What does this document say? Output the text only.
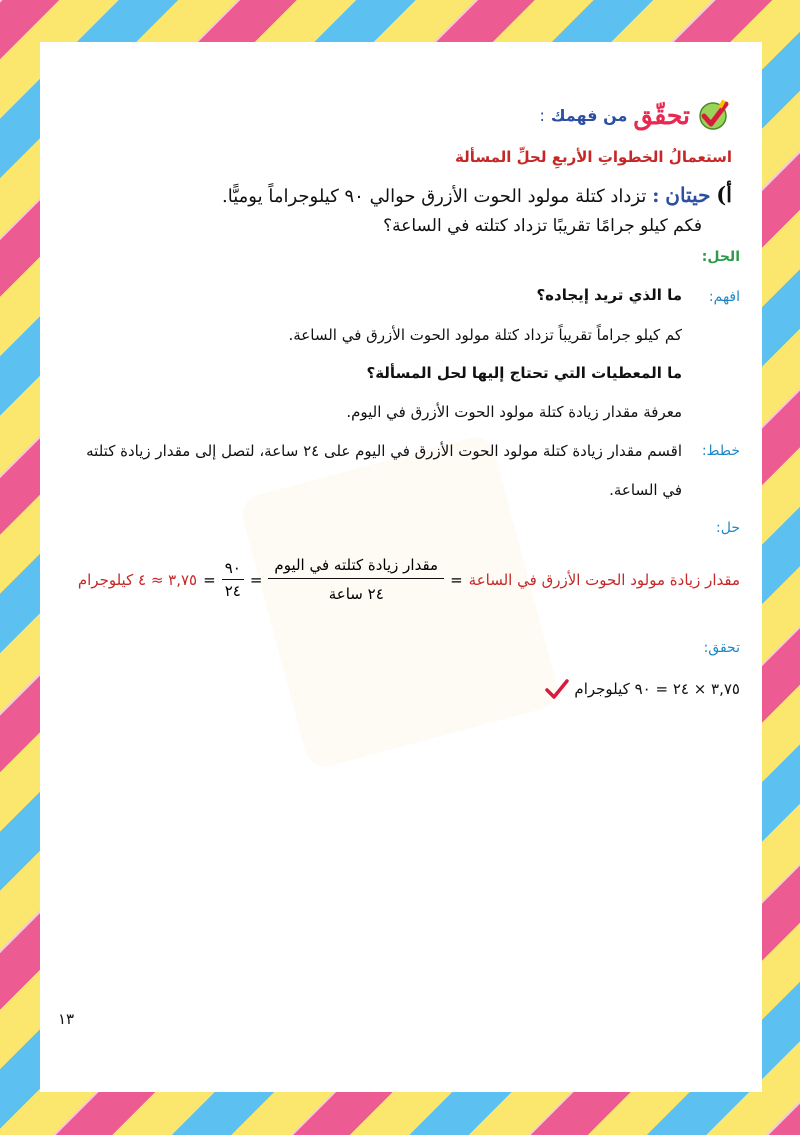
تحقّق
من فهمك
:
استعمالُ الخطواتِ الأربعِ لحلِّ المسألة
أ) حيتان : تزداد كتلة مولود الحوت الأزرق حوالي ٩٠ كيلوجراماً يوميًّا.
فكم كيلو جرامًا تقريبًا تزداد كتلته في الساعة؟
الحل:
افهم:
ما الذي تريد إيجاده؟
كم كيلو جراماً تقريباً تزداد كتلة مولود الحوت الأزرق في الساعة.
ما المعطيات التي تحتاج إليها لحل المسألة؟
معرفة مقدار زيادة كتلة مولود الحوت الأزرق في اليوم.
خطط:
اقسم مقدار زيادة كتلة مولود الحوت الأزرق في اليوم على ٢٤ ساعة، لتصل إلى مقدار زيادة كتلته
في الساعة.
حل:
مقدار زيادة مولود الحوت الأزرق في الساعة
=
$\frac{\text{مقدار زيادة كتلته في اليوم}}{\text{٢٤ ساعة}}$
=
$\frac{٩٠}{٢٤}$
=
٣,٧٥ ≈ ٤ كيلوجرام
تحقق:
٣,٧٥ × ٢٤ = ٩٠ كيلوجرام
١٣
